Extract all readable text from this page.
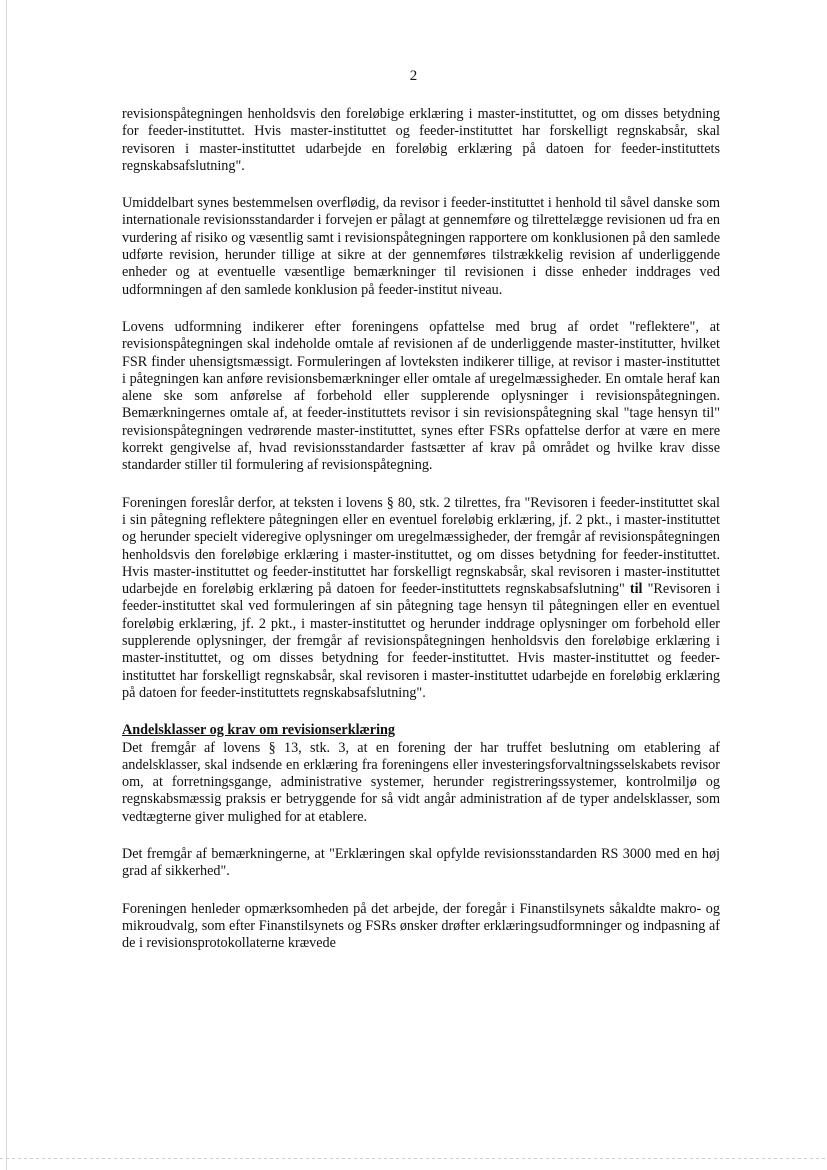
2

revisionspåtegningen henholdsvis den foreløbige erklæring i master-instituttet, og om disses betydning for feeder-instituttet. Hvis master-instituttet og feeder-instituttet har forskelligt regnskabsår, skal revisoren i master-instituttet udarbejde en foreløbig erklæring på datoen for feeder-instituttets regnskabsafslutning".

Umiddelbart synes bestemmelsen overflødig, da revisor i feeder-instituttet i henhold til såvel danske som internationale revisionsstandarder i forvejen er pålagt at gennemføre og tilrettelægge revisionen ud fra en vurdering af risiko og væsentlig samt i revisionspåtegningen rapportere om konklusionen på den samlede udførte revision, herunder tillige at sikre at der gennemføres tilstrækkelig revision af underliggende enheder og at eventuelle væsentlige bemærkninger til revisionen i disse enheder inddrages ved udformningen af den samlede konklusion på feeder-institut niveau.

Lovens udformning indikerer efter foreningens opfattelse med brug af ordet "reflektere", at revisionspåtegningen skal indeholde omtale af revisionen af de underliggende master-institutter, hvilket FSR finder uhensigtsmæssigt. Formuleringen af lovteksten indikerer tillige, at revisor i master-instituttet i påtegningen kan anføre revisionsbemærkninger eller omtale af uregelmæssigheder. En omtale heraf kan alene ske som anførelse af forbehold eller supplerende oplysninger i revisionspåtegningen. Bemærkningernes omtale af, at feeder-instituttets revisor i sin revisionspåtegning skal "tage hensyn til" revisionspåtegningen vedrørende master-instituttet, synes efter FSRs opfattelse derfor at være en mere korrekt gengivelse af, hvad revisionsstandarder fastsætter af krav på området og hvilke krav disse standarder stiller til formulering af revisionspåtegning.

Foreningen foreslår derfor, at teksten i lovens § 80, stk. 2 tilrettes, fra "Revisoren i feeder-instituttet skal i sin påtegning reflektere påtegningen eller en eventuel foreløbig erklæring, jf. 2 pkt., i master-instituttet og herunder specielt videregive oplysninger om uregelmæssigheder, der fremgår af revisionspåtegningen henholdsvis den foreløbige erklæring i master-instituttet, og om disses betydning for feeder-instituttet. Hvis master-instituttet og feeder-instituttet har forskelligt regnskabsår, skal revisoren i master-instituttet udarbejde en foreløbig erklæring på datoen for feeder-instituttets regnskabsafslutning" til "Revisoren i feeder-instituttet skal ved formuleringen af sin påtegning tage hensyn til påtegningen eller en eventuel foreløbig erklæring, jf. 2 pkt., i master-instituttet og herunder inddrage oplysninger om forbehold eller supplerende oplysninger, der fremgår af revisionspåtegningen henholdsvis den foreløbige erklæring i master-instituttet, og om disses betydning for feeder-instituttet. Hvis master-instituttet og feeder-instituttet har forskelligt regnskabsår, skal revisoren i master-instituttet udarbejde en foreløbig erklæring på datoen for feeder-instituttets regnskabsafslutning".

Andelsklasser og krav om revisionserklæring

Det fremgår af lovens § 13, stk. 3, at en forening der har truffet beslutning om etablering af andelsklasser, skal indsende en erklæring fra foreningens eller investeringsforvaltningsselskabets revisor om, at forretningsgange, administrative systemer, herunder registreringssystemer, kontrolmiljø og regnskabsmæssig praksis er betryggende for så vidt angår administration af de typer andelsklasser, som vedtægterne giver mulighed for at etablere.

Det fremgår af bemærkningerne, at "Erklæringen skal opfylde revisionsstandarden RS 3000 med en høj grad af sikkerhed".

Foreningen henleder opmærksomheden på det arbejde, der foregår i Finanstilsynets såkaldte makro- og mikroudvalg, som efter Finanstilsynets og FSRs ønsker drøfter erklæringsudformninger og indpasning af de i revisionsprotokollaterne krævede
